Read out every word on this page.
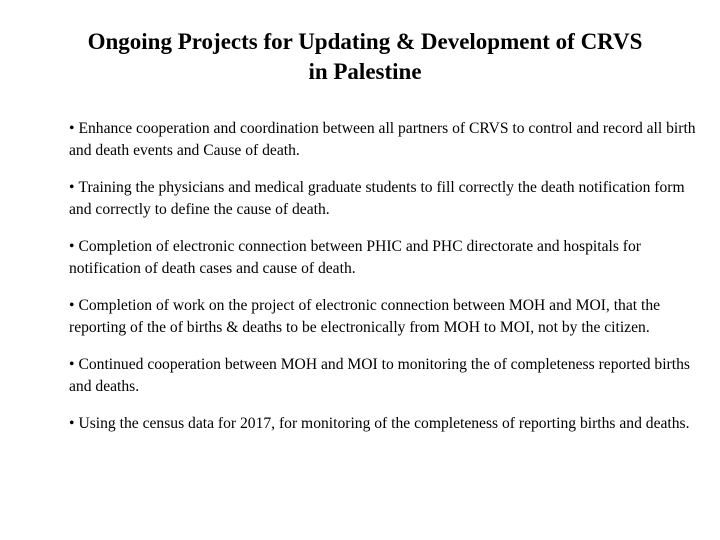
Ongoing Projects for Updating & Development of CRVS
in Palestine
• Enhance cooperation and coordination between all partners of CRVS to control and record all birth and death events and Cause of death.
• Training the physicians and medical graduate students to fill correctly the death notification form and correctly to define the cause of death.
• Completion of electronic connection between PHIC and PHC directorate and hospitals for notification of death cases and cause of death.
• Completion of work on the project of electronic connection between MOH and MOI, that the reporting of the of births & deaths to be electronically from MOH to MOI, not by the citizen.
• Continued cooperation between MOH and MOI to monitoring the of completeness reported births and deaths.
• Using the census data for 2017, for monitoring of the completeness of reporting births and deaths.
